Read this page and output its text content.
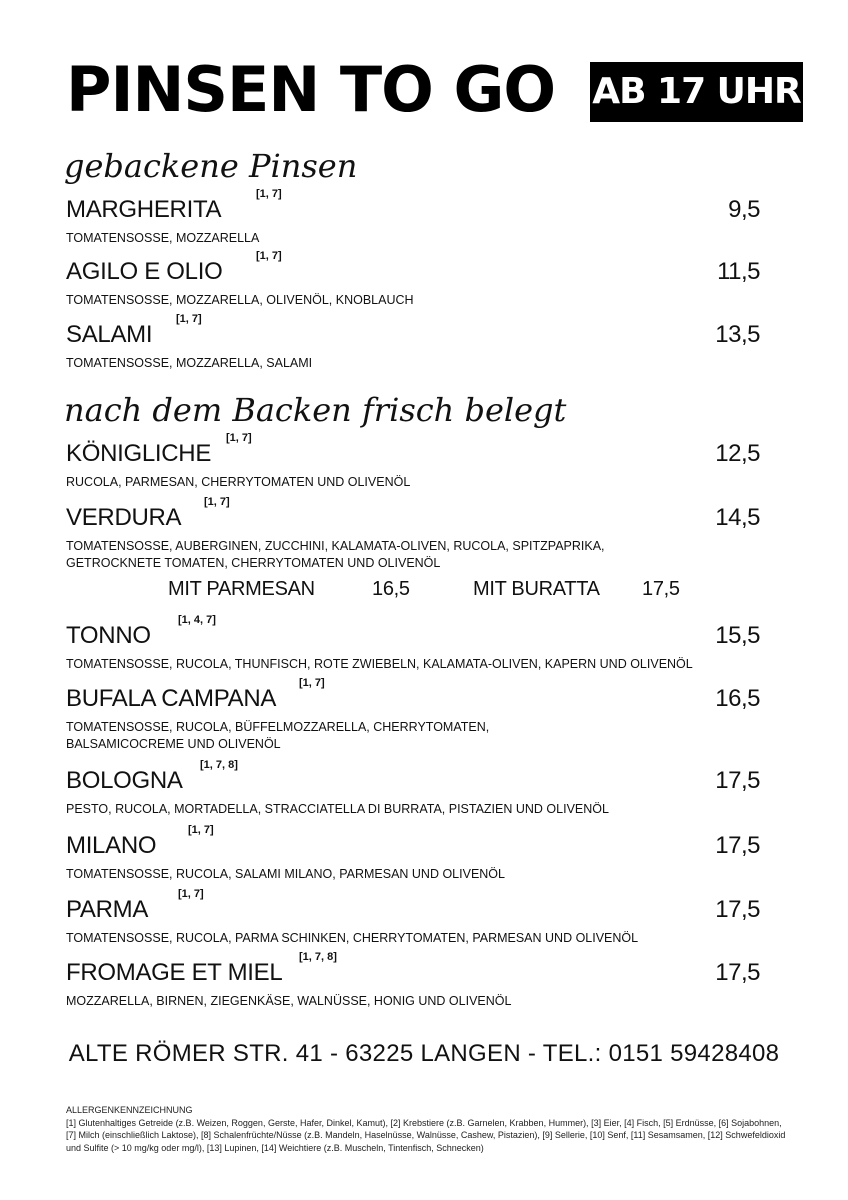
PINSEN TO GO AB 17 UHR
gebackene Pinsen
MARGHERITA
[1, 7]
9,5
TOMATENSOSSE, MOZZARELLA
AGILO E OLIO
[1, 7]
11,5
TOMATENSOSSE, MOZZARELLA, OLIVENÖL, KNOBLAUCH
SALAMI
[1, 7]
13,5
TOMATENSOSSE, MOZZARELLA, SALAMI
nach dem Backen frisch belegt
KÖNIGLICHE
[1, 7]
12,5
RUCOLA, PARMESAN, CHERRYTOMATEN UND OLIVENÖL
VERDURA
[1, 7]
14,5
TOMATENSOSSE, AUBERGINEN, ZUCCHINI, KALAMATA-OLIVEN, RUCOLA, SPITZPAPRIKA,
GETROCKNETE TOMATEN, CHERRYTOMATEN UND OLIVENÖL
MIT PARMESAN	16,5	MIT BURATTA 17,5
TONNO
[1, 4, 7]
15,5
TOMATENSOSSE, RUCOLA, THUNFISCH, ROTE ZWIEBELN, KALAMATA-OLIVEN, KAPERN UND OLIVENÖL
BUFALA CAMPANA
[1, 7]
16,5
TOMATENSOSSE, RUCOLA, BÜFFELMOZZARELLA, CHERRYTOMATEN,
BALSAMICOCREME UND OLIVENÖL
BOLOGNA
[1, 7, 8]
17,5
PESTO, RUCOLA, MORTADELLA, STRACCIATELLA DI BURRATA, PISTAZIEN UND OLIVENÖL
MILANO
[1, 7]
17,5
TOMATENSOSSE, RUCOLA, SALAMI MILANO, PARMESAN UND OLIVENÖL
PARMA
[1, 7]
17,5
TOMATENSOSSE, RUCOLA, PARMA SCHINKEN, CHERRYTOMATEN, PARMESAN UND OLIVENÖL
FROMAGE ET MIEL
[1, 7, 8]
17,5
MOZZARELLA, BIRNEN, ZIEGENKÄSE, WALNÜSSE, HONIG UND OLIVENÖL
ALTE RÖMER STR. 41 - 63225 LANGEN - TEL.: 0151 59428408
ALLERGENKENNZEICHNUNG
[1] Glutenhaltiges Getreide (z.B. Weizen, Roggen, Gerste, Hafer, Dinkel, Kamut), [2] Krebstiere (z.B. Garnelen, Krabben, Hummer), [3] Eier, [4] Fisch, [5] Erdnüsse, [6] Sojabohnen, [7] Milch (einschließlich Laktose), [8] Schalenfrüchte/Nüsse (z.B. Mandeln, Haselnüsse, Walnüsse, Cashew, Pistazien), [9] Sellerie, [10] Senf, [11] Sesamsamen, [12] Schwefeldioxid und Sulfite (> 10 mg/kg oder mg/l), [13] Lupinen, [14] Weichtiere (z.B. Muscheln, Tintenfisch, Schnecken)
